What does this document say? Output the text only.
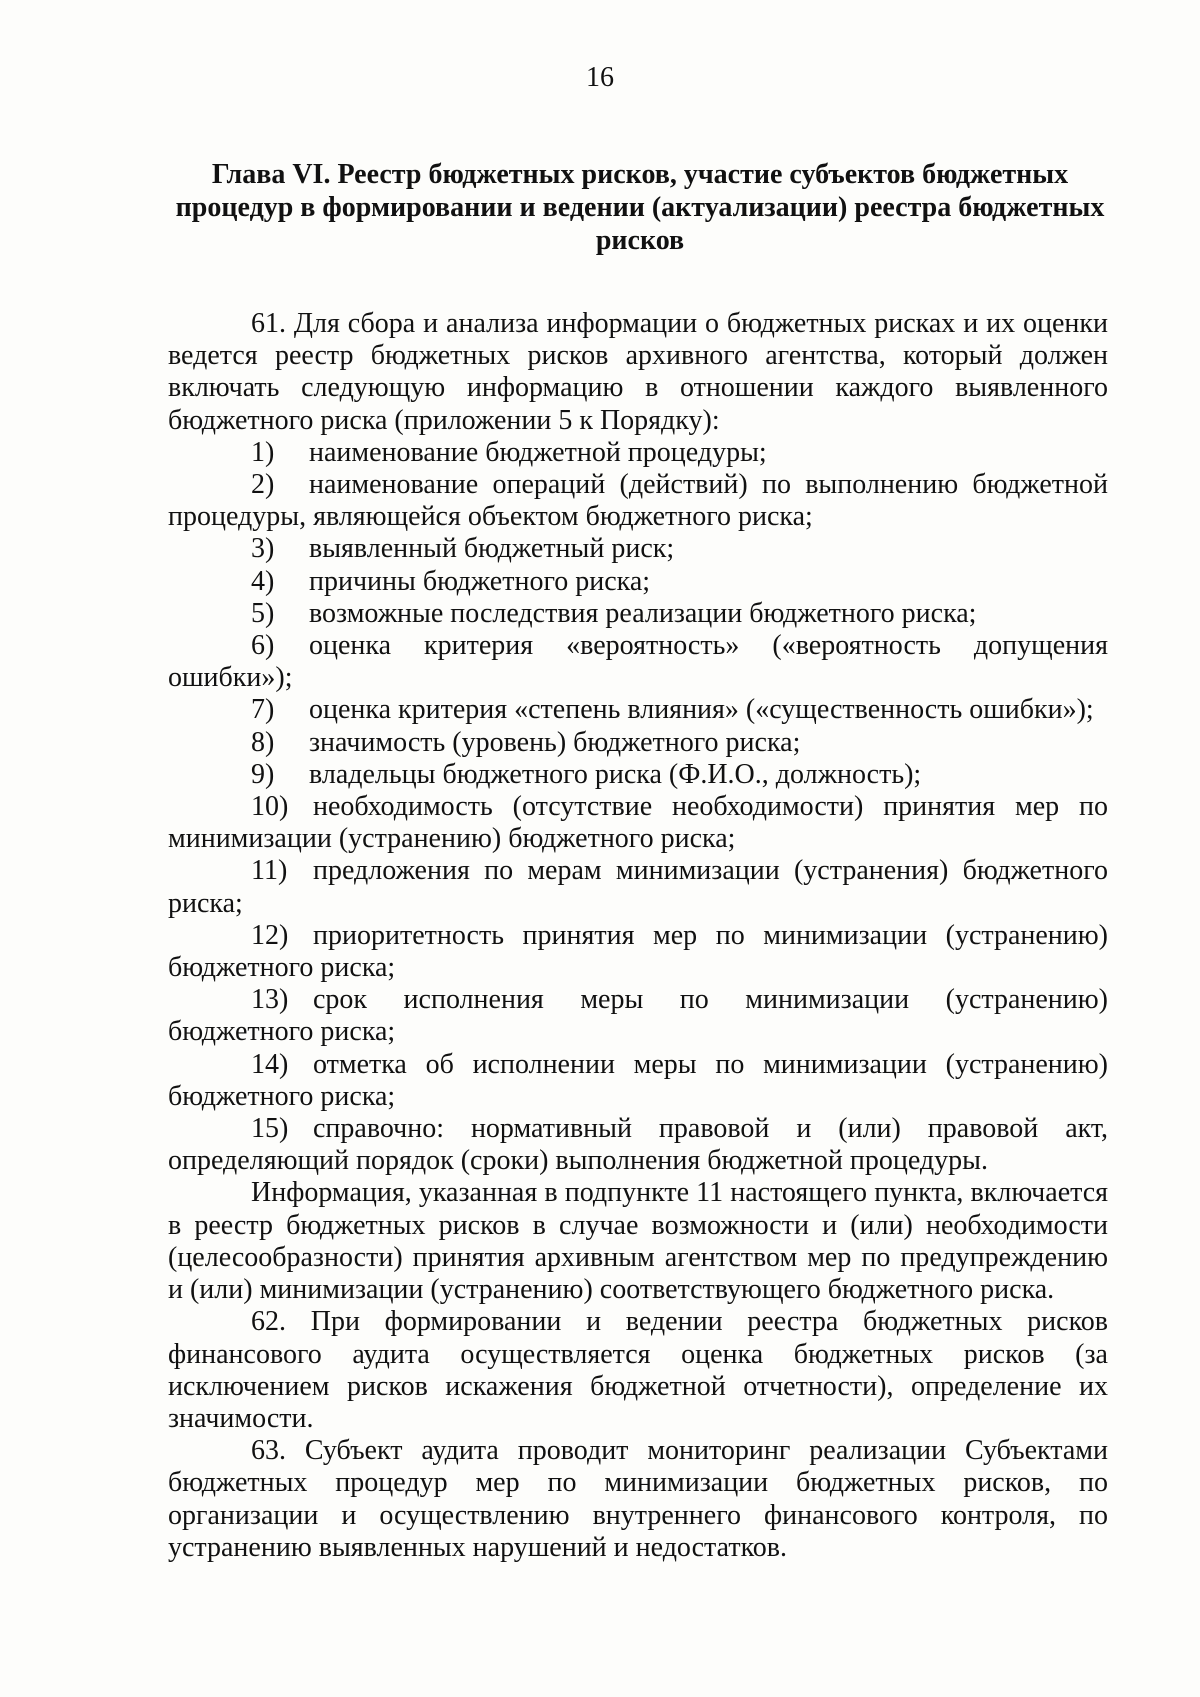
16
Глава VI. Реестр бюджетных рисков, участие субъектов бюджетных процедур в формировании и ведении (актуализации) реестра бюджетных рисков

61. Для сбора и анализа информации о бюджетных рисках и их оценки ведется реестр бюджетных рисков архивного агентства, который должен включать следующую информацию в отношении каждого выявленного бюджетного риска (приложении 5 к Порядку):

1) наименование бюджетной процедуры;

2) наименование операций (действий) по выполнению бюджетной процедуры, являющейся объектом бюджетного риска;

3) выявленный бюджетный риск;

4) причины бюджетного риска;

5) возможные последствия реализации бюджетного риска;

6) оценка критерия «вероятность» («вероятность допущения ошибки»);

7) оценка критерия «степень влияния» («существенность ошибки»);

8) значимость (уровень) бюджетного риска;

9) владельцы бюджетного риска (Ф.И.О., должность);

10) необходимость (отсутствие необходимости) принятия мер по минимизации (устранению) бюджетного риска;

11) предложения по мерам минимизации (устранения) бюджетного риска;

12) приоритетность принятия мер по минимизации (устранению) бюджетного риска;

13) срок исполнения меры по минимизации (устранению) бюджетного риска;

14) отметка об исполнении меры по минимизации (устранению) бюджетного риска;

15) справочно: нормативный правовой и (или) правовой акт, определяющий порядок (сроки) выполнения бюджетной процедуры.

Информация, указанная в подпункте 11 настоящего пункта, включается в реестр бюджетных рисков в случае возможности и (или) необходимости (целесообразности) принятия архивным агентством мер по предупреждению и (или) минимизации (устранению) соответствующего бюджетного риска.

62. При формировании и ведении реестра бюджетных рисков финансового аудита осуществляется оценка бюджетных рисков (за исключением рисков искажения бюджетной отчетности), определение их значимости.

63. Субъект аудита проводит мониторинг реализации Субъектами бюджетных процедур мер по минимизации бюджетных рисков, по организации и осуществлению внутреннего финансового контроля, по устранению выявленных нарушений и недостатков.
